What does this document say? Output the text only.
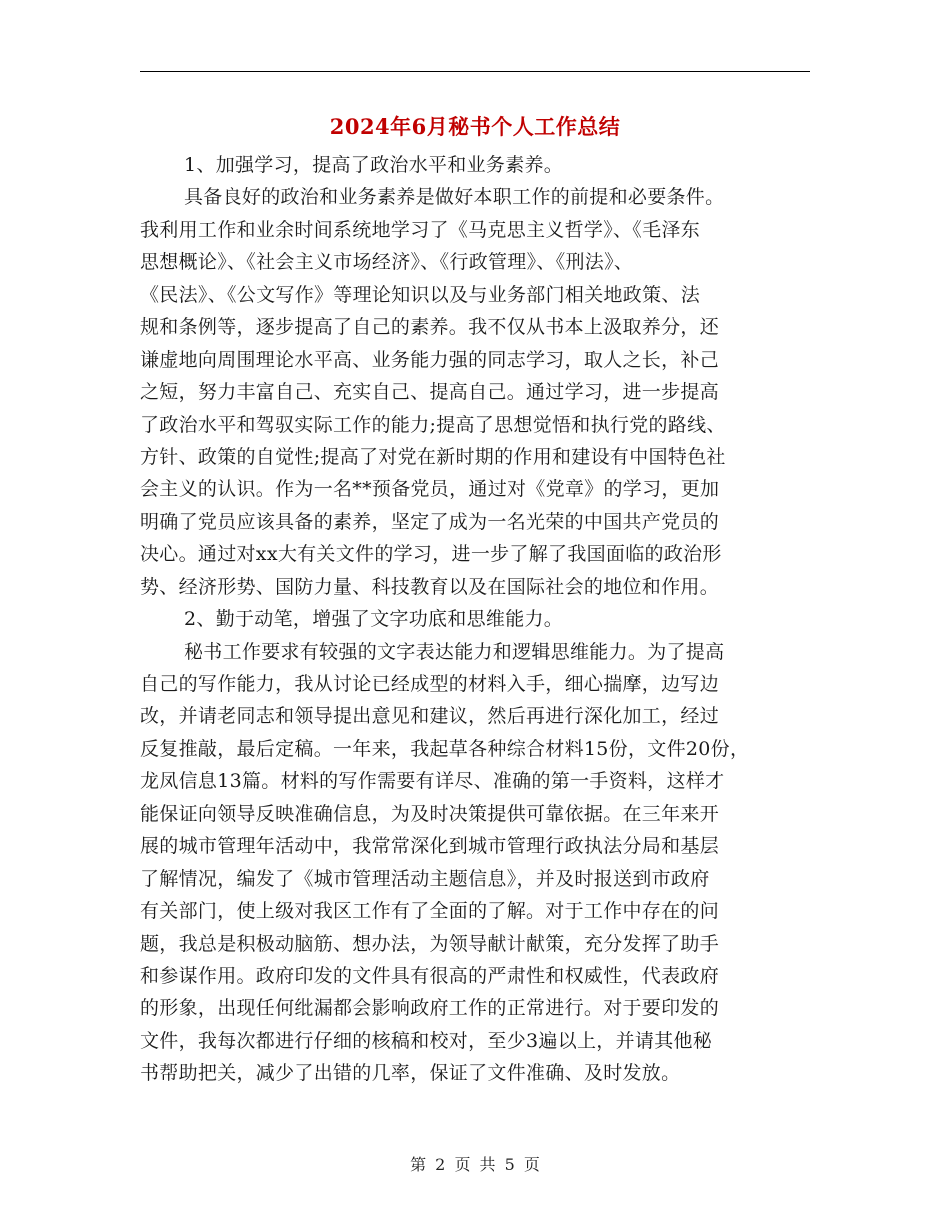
2024年6月秘书个人工作总结
1、加强学习，提高了政治水平和业务素养。
具备良好的政治和业务素养是做好本职工作的前提和必要条件。
我利用工作和业余时间系统地学习了《马克思主义哲学》、《毛泽东
思想概论》、《社会主义市场经济》、《行政管理》、《刑法》、
《民法》、《公文写作》等理论知识以及与业务部门相关地政策、法
规和条例等，逐步提高了自己的素养。我不仅从书本上汲取养分，还
谦虚地向周围理论水平高、业务能力强的同志学习，取人之长，补己
之短，努力丰富自己、充实自己、提高自己。通过学习，进一步提高
了政治水平和驾驭实际工作的能力;提高了思想觉悟和执行党的路线、
方针、政策的自觉性;提高了对党在新时期的作用和建设有中国特色社
会主义的认识。作为一名**预备党员，通过对《党章》的学习，更加
明确了党员应该具备的素养，坚定了成为一名光荣的中国共产党员的
决心。通过对xx大有关文件的学习，进一步了解了我国面临的政治形
势、经济形势、国防力量、科技教育以及在国际社会的地位和作用。
2、勤于动笔，增强了文字功底和思维能力。
秘书工作要求有较强的文字表达能力和逻辑思维能力。为了提高
自己的写作能力，我从讨论已经成型的材料入手，细心揣摩，边写边
改，并请老同志和领导提出意见和建议，然后再进行深化加工，经过
反复推敲，最后定稿。一年来，我起草各种综合材料15份，文件20份，
龙凤信息13篇。材料的写作需要有详尽、准确的第一手资料，这样才
能保证向领导反映准确信息，为及时决策提供可靠依据。在三年来开
展的城市管理年活动中，我常常深化到城市管理行政执法分局和基层
了解情况，编发了《城市管理活动主题信息》，并及时报送到市政府
有关部门，使上级对我区工作有了全面的了解。对于工作中存在的问
题，我总是积极动脑筋、想办法，为领导献计献策，充分发挥了助手
和参谋作用。政府印发的文件具有很高的严肃性和权威性，代表政府
的形象，出现任何纰漏都会影响政府工作的正常进行。对于要印发的
文件，我每次都进行仔细的核稿和校对，至少3遍以上，并请其他秘
书帮助把关，减少了出错的几率，保证了文件准确、及时发放。
第 2 页 共 5 页
